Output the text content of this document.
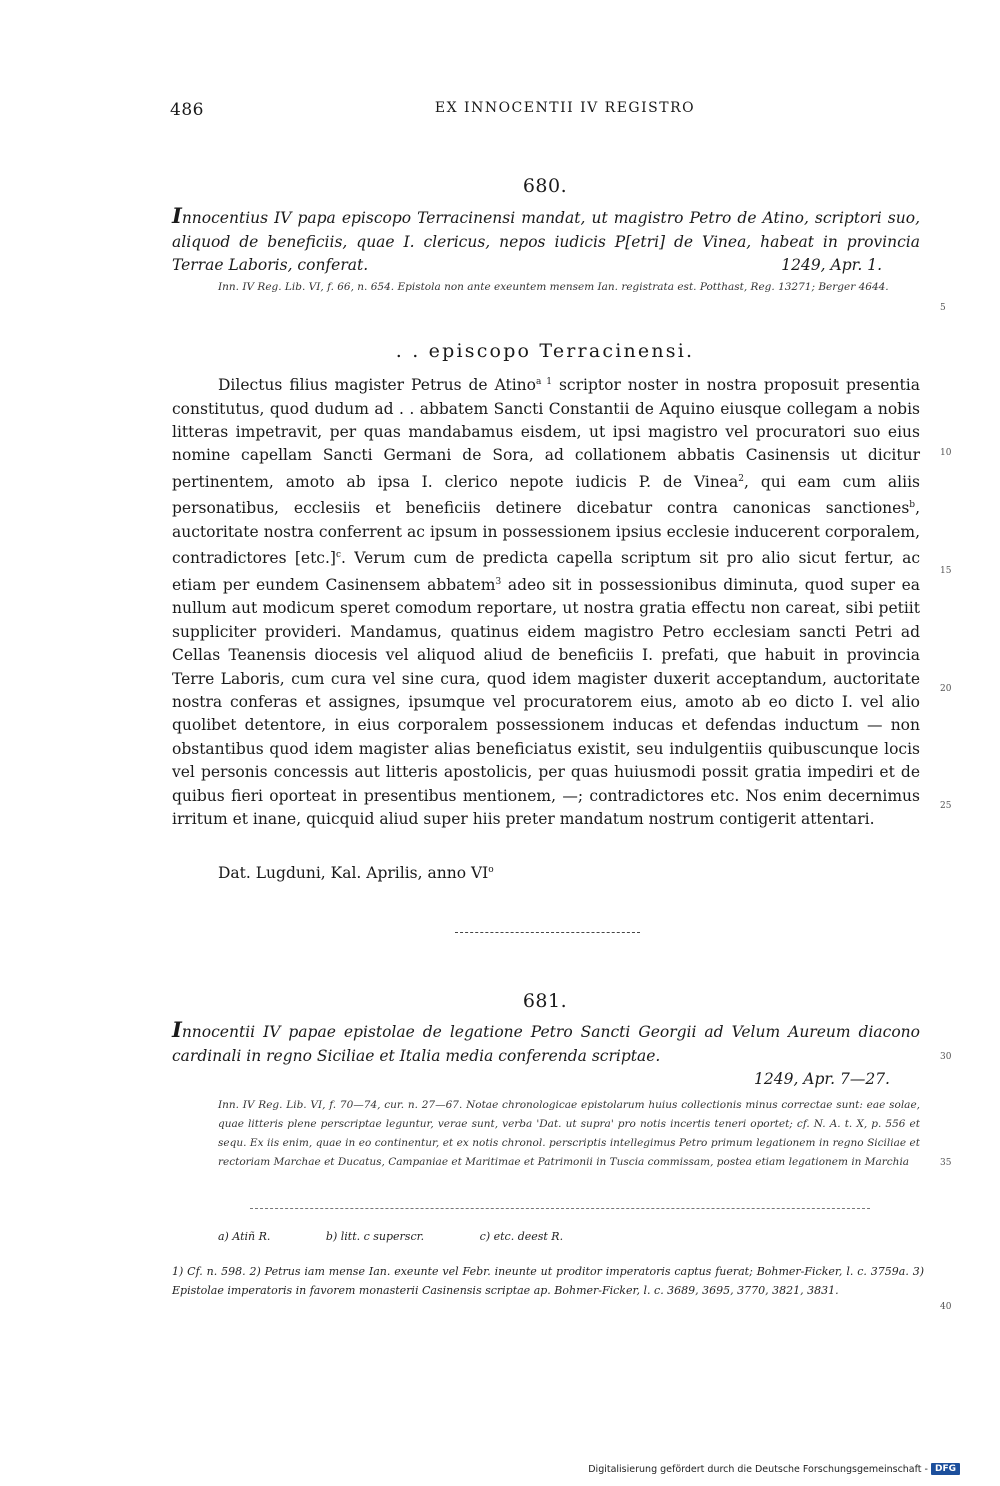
486	EX INNOCENTII IV REGISTRO
680.
Innocentius IV papa episcopo Terracinensi mandat, ut magistro Petro de Atino, scriptori suo, aliquod de beneficiis, quae I. clericus, nepos iudicis P[etri] de Vinea, habeat in provincia Terrae Laboris, conferat.	1249, Apr. 1.
Inn. IV Reg. Lib. VI, f. 66, n. 654. Epistola non ante exeuntem mensem Ian. registrata est. Potthast, Reg. 13271; Berger 4644.
. . episcopo Terracinensi.

Dilectus filius magister Petrus de Atino$^{a 1}$ scriptor noster in nostra proposuit presentia constitutus, quod dudum ad . . abbatem Sancti Constantii de Aquino eiusque collegam a nobis litteras impetravit, per quas mandabamus eisdem, ut ipsi magistro vel procuratori suo eius nomine capellam Sancti Germani de Sora, ad collationem abbatis Casinensis ut dicitur pertinentem, amoto ab ipsa I. clerico nepote iudicis P. de Vinea$^2$, qui eam cum aliis personatibus, ecclesiis et beneficiis detinere dicebatur contra canonicas sanctiones$^b$, auctoritate nostra conferrent ac ipsum in possessionem ipsius ecclesie inducerent corporalem, contradictores $[etc.]^c$. Verum cum de predicta capella scriptum sit pro alio sicut fertur, ac etiam per eundem Casinensem abbatem$^3$ adeo sit in possessionibus diminuta, quod super ea nullum aut modicum speret comodum reportare, ut nostra gratia effectu non careat, sibi petiit suppliciter provideri. Mandamus, quatinus eidem magistro Petro ecclesiam sancti Petri ad Cellas Teanensis diocesis vel aliquod aliud de beneficiis I. prefati, que habuit in provincia Terre Laboris, cum cura vel sine cura, quod idem magister duxerit acceptandum, auctoritate nostra conferas et assignes, ipsumque vel procuratorem eius, amoto ab eo dicto I. vel alio quolibet detentore, in eius corporalem possessionem inducas et defendas inductum — non obstantibus quod idem magister alias beneficiatus existit, seu indulgentiis quibuscunque locis vel personis concessis aut litteris apostolicis, per quas huiusmodi possit gratia impediri et de quibus fieri oporteat in presentibus mentionem, —; contradictores etc. Nos enim decernimus irritum et inane, quicquid aliud super hiis preter mandatum nostrum contigerit attentari.

Dat. Lugduni, Kal. Aprilis, anno $VI^o$
5
10
15
20
25
681.
Innocentii IV papae epistolae de legatione Petro Sancti Georgii ad Velum Aureum diacono cardinali in regno Siciliae et Italia media conferenda scriptae.
1249, Apr. 7—27.
Inn. IV Reg. Lib. VI, f. 70—74, cur. n. 27—67. Notae chronologicae epistolarum huius collectionis minus correctae sunt: eae solae, quae litteris plene perscriptae leguntur, verae sunt, verba 'Dat. ut supra' pro notis incertis teneri oportet; cf. N. A. t. X, p. 556 et sequ. Ex iis enim, quae in eo continentur, et ex notis chronol. perscriptis intellegimus Petro primum legationem in regno Siciliae et rectoriam Marchae et Ducatus, Campaniae et Maritimae et Patrimonii in Tuscia commissam, postea etiam legationem in Marchia
30
35
a) Atiñ R.	b) litt. c superscr.	c) etc. deest R.
1) Cf. n. 598. 2) Petrus iam mense Ian. exeunte vel Febr. ineunte ut proditor imperatoris captus fuerat; Bohmer-Ficker, l. c. 3759a. 3) Epistolae imperatoris in favorem monasterii Casinensis scriptae ap. Bohmer-Ficker, l. c. 3689, 3695, 3770, 3821, 3831.
40
Digitalisierung gefördert durch die Deutsche Forschungsgemeinschaft - DFG
